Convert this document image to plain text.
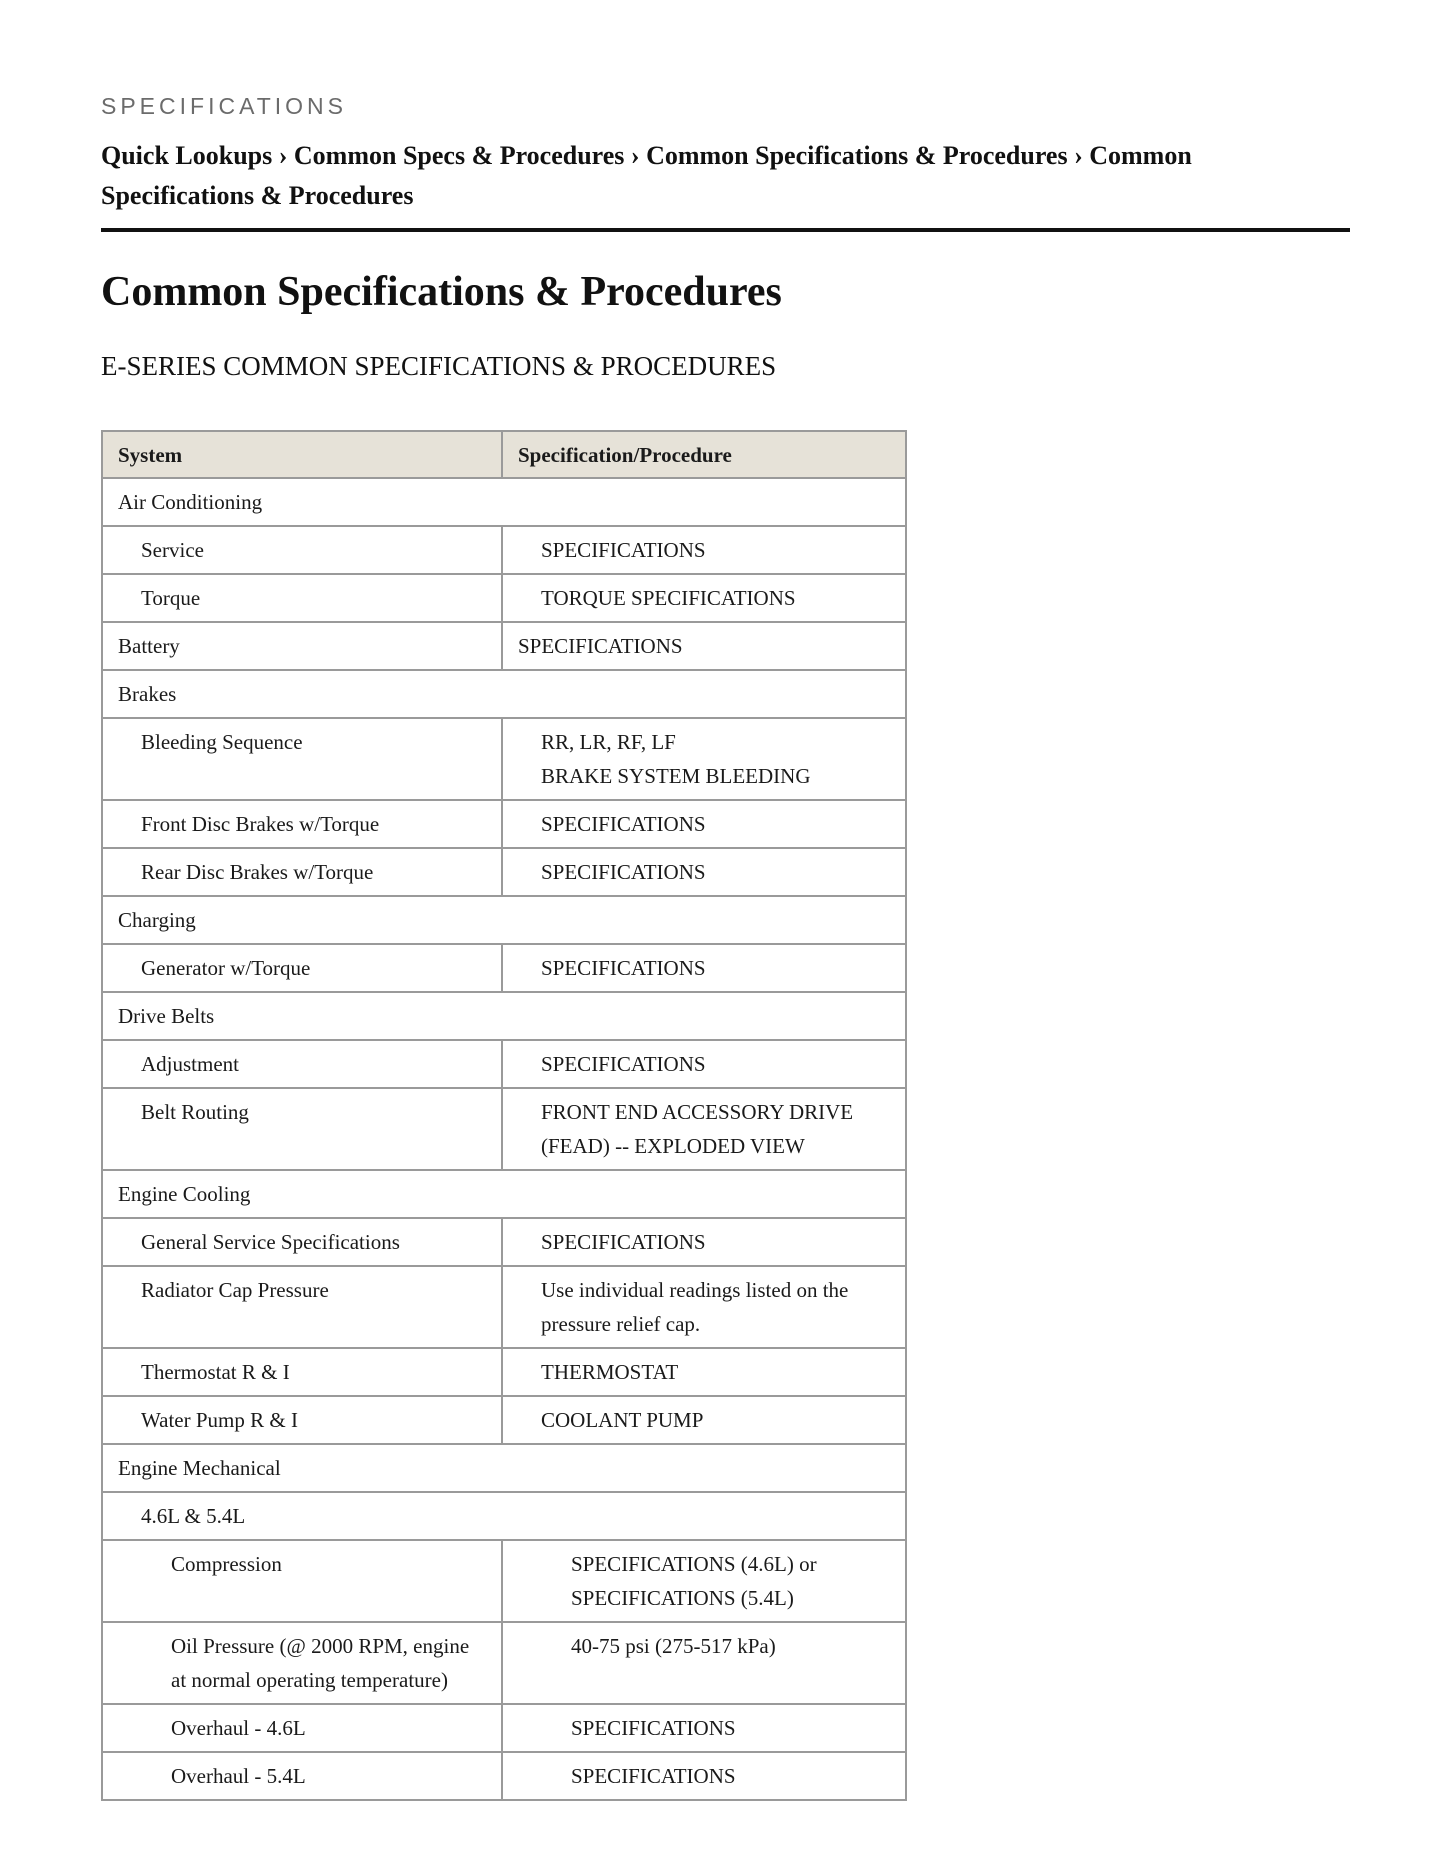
SPECIFICATIONS
Quick Lookups › Common Specs & Procedures › Common Specifications & Procedures › Common Specifications & Procedures
Common Specifications & Procedures
E-SERIES COMMON SPECIFICATIONS & PROCEDURES
System	Specification/Procedure
Air Conditioning	
Service	SPECIFICATIONS

Torque	TORQUE SPECIFICATIONS

Battery	SPECIFICATIONS

Brakes	
Bleeding Sequence	RR, LR, RF, LF
BRAKE SYSTEM BLEEDING

Front Disc Brakes w/Torque	SPECIFICATIONS

Rear Disc Brakes w/Torque	SPECIFICATIONS

Charging	
Generator w/Torque	SPECIFICATIONS

Drive Belts	
Adjustment	SPECIFICATIONS

Belt Routing	FRONT END ACCESSORY DRIVE (FEAD) -- EXPLODED VIEW

Engine Cooling	
General Service Specifications	SPECIFICATIONS

Radiator Cap Pressure	Use individual readings listed on the pressure relief cap.

Thermostat R & I	THERMOSTAT

Water Pump R & I	COOLANT PUMP

Engine Mechanical	
4.6L & 5.4L	
Compression	SPECIFICATIONS (4.6L) or
SPECIFICATIONS (5.4L)

Oil Pressure (@ 2000 RPM, engine at normal operating temperature)	40-75 psi (275-517 kPa)

Overhaul - 4.6L	SPECIFICATIONS

Overhaul - 5.4L	SPECIFICATIONS
